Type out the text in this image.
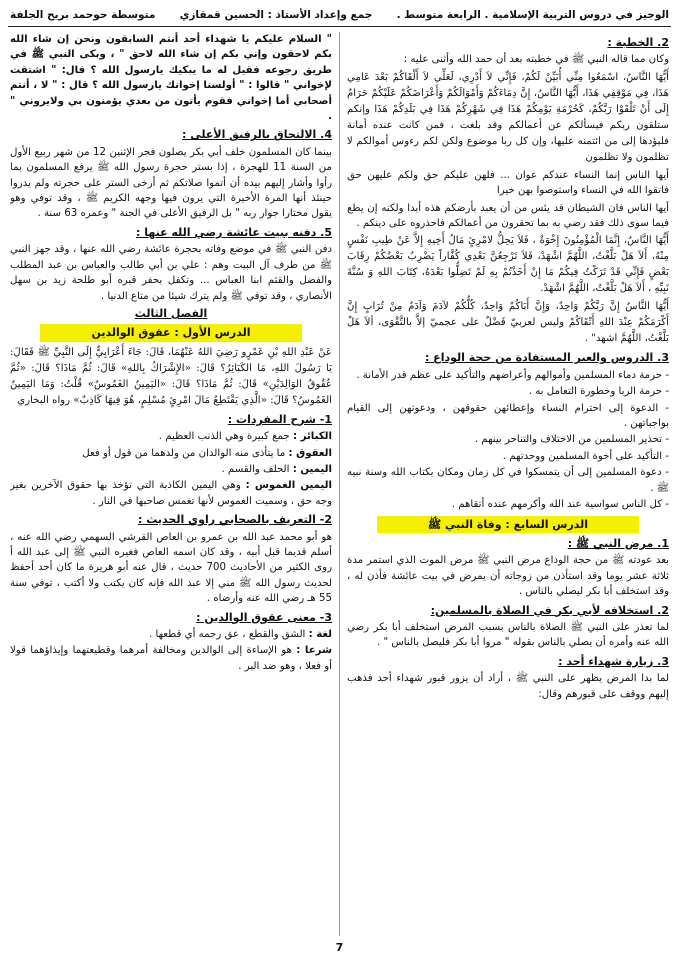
الوجيز في دروس التربية الإسلامية . الرابعة متوسط .
جمع وإعداد الأستاذ : الحسين قمقازي
متوسطة حوحمد بريح الجلفة
2. الخطبة :

وكان مما قاله النبي ﷺ في خطبته بعد أن حمد الله وأثنى عليه :

أَيُّهَا النَّاسُ، اسْمَعُوا مِنِّي أُبَيِّنْ لَكُمْ، فَإِنِّي لاَ أَدْرِي، لَعَلِّي لاَ أَلْقَاكُمْ بَعْدَ عَامِي هَذَا، فِي مَوْقِفِي هَذَا، أَيُّهَا النَّاسُ، إِنَّ دِمَاءَكُمْ وَأَمْوَالَكُمْ وَأَعْرَاضَكُمْ عَلَيْكُمْ حَرَامٌ إِلَى أَنْ تَلْقَوْا رَبَّكُمْ، كَحُرْمَةِ يَوْمِكُمْ هَذَا فِي شَهْرِكُمْ هَذَا فِي بَلَدِكُمْ هَذَا وإنكم ستلقون ربكم فيسألكم عن أعمالكم وقد بلغت ، فمن كانت عنده أمانة فليؤدها إلى من ائتمنه عليها، وإن كل ربا موضوع ولكن لكم رءوس أموالكم لا تظلمون ولا تظلمون

أيها الناس إنما النساء عندكم عوان ... فلهن عليكم حق ولكم عليهن حق فاتقوا الله في النساء واستوصوا بهن خيرا

أيها الناس فان الشيطان قد يئس من أن يعبد بأرضكم هذه أبدا ولكنه إن يطع فيما سوى ذلك فقد رضي به بما تحقرون من أعمالكم فاحذروه على دينكم .

أَيُّهَا النَّاسُ، إِنَّمَا الْمُؤْمِنُونَ إِخْوَةٌ ، فَلاَ يَحِلُّ لامْرِئٍ مَالُ أَخِيهِ إِلاَّ عَنْ طِيبِ نَفْسٍ مِنْهُ، أَلاَ هَلْ بَلَّغْتُ، اللَّهُمَّ اشْهَدْ، فَلاَ تَرْجِعُنَّ بَعْدِي كُفَّاراً يَضْرِبُ بَعْضُكُمْ رِقَابَ بَعْضٍ فَإِنِّي قَدْ تَرَكْتُ فِيكُمْ مَا إِنْ أَخَذْتُمْ بِهِ لَمْ تَضِلُّوا بَعْدَهُ، كِتَابَ اللهِ وَ سُنَّةَ نَبِيِّهِ ، أَلاَ هَلْ بَلَّغْتُ، اللَّهُمَّ اشْهَدْ.

أَيُّهَا النَّاسُ إِنَّ رَبَّكُمْ وَاحِدٌ، وَإِنَّ أَبَاكُمْ وَاحِدٌ، كُلُّكُمْ لآدَمَ وَآدَمُ مِنْ تُرَابٍ إِنَّ أَكْرَمَكُمْ عِنْدَ اللهِ أَتْقَاكُمْ وليس لعربيّ فَضْلٌ على عجميّ إلاَّ بالتَّقْوَى، ألاَ هَلْ بَلَّغْتُ، اللَّهُمَّ اشهد" .

3. الدروس والعبر المستفادة من حجة الوداع :
- حرمة دماء المسلمين وأموالهم وأعراضهم والتأكيد على عظم قدر الأمانة .
- حرمة الربا وخطورة التعامل به .
- الدعوة إلى احترام النساء وإعطائهن حقوقهن ، ودعوتهن إلى القيام بواجباتهن .
- تحذير المسلمين من الاختلاف والتناحر بينهم .
- التأكيد على أخوة المسلمين ووحدتهم .
- دعوة المسلمين إلى أن يتمسكوا في كل زمان ومكان بكتاب الله وسنة نبيه ﷺ .
- كل الناس سواسية عند الله وأكرمهم عنده أتقاهم .
الدرس السابع : وفاة النبي ﷺ
1. مرض النبي ﷺ :

بعد عودته ﷺ من حجة الوداع مرض النبي ﷺ مرض الموت الذي استمر مدة ثلاثة عشر يوما وقد استأذن من زوجاته أن يمرض في بيت عائشة فأذن له ، وقد استخلف أبا بكر ليصلي بالناس .

2. استخلافه لأبي بكر في الصلاة بالمسلمين:

لما تعذر على النبي ﷺ الصلاة بالناس بسبب المرض استخلف أبا بكر رضي الله عنه وأمره أن يصلي بالناس بقوله " مروا أبا بكر فليصل بالناس " .

3. زيارة شهداء أحد :

لما بدا المرض يظهر على النبي ﷺ ، أراد أن يزور قبور شهداء أحد فذهب إليهم ووقف على قبورهم وقال:

" السلام عليكم يا شهداء أحد أنتم السابقون ونحن إن شاء الله بكم لاحقون وإني بكم إن شاء الله لاحق " ، وبكى النبي ﷺ في طريق رجوعه فقيل له ما يبكيك يارسول الله ؟ قال: " اشتقت لإخواني " قالوا : " أولسنا إخوانك يارسول الله ؟ قال : " لا ، أنتم أصحابي أما إخواني فقوم يأتون من بعدي يؤمنون بي ولايروني " .

4. الالتحاق بالرفيق الأعلى :

بينما كان المسلمون خلف أبي بكر يصلون فجر الإثنين 12 من شهر ربيع الأول من السنة 11 للهجرة ، إذا بستر حجرة رسول الله ﷺ يرفع المسلمون بما رأوا وأشار إليهم بيده أن أتموا صلاتكم ثم أرخى الستر على حجرته ولم يدروا حينئذ أنها المرة الأخيرة التي يرون فيها وجهه الكريم ﷺ ، وقد توفي وهو يقول مختارا جوار ربه " بل الرفيق الأعلى في الجنة " وعمره 63 سنة .

5. دفنه ببيت عائشة رضي الله عنها :

دفن النبي ﷺ في موضع وفاته بحجرة عائشة رضي الله عنها ، وقد جهز النبي ﷺ من طرف آل البيت وهم : علي بن أبي طالب والعباس بن عبد المطلب والفضل والقثم ابنا العباس ... وتكفل بحفر قبره أبو طلحة زيد بن سهل الأنصاري ، وقد توفي ﷺ ولم يترك شيئا من متاع الدنيا .

الفصل الثالث
الدرس الأول : عقوق الوالدين

عَنْ عَبْدِ اللهِ بْنِ عَمْرٍو رَضِيَ اللهُ عَنْهُمَا، قَالَ: جَاءَ أَعْرَابِيٌّ إِلَى النَّبِيِّ ﷺ فَقَالَ: يَا رَسُولَ اللهِ، مَا الكَبَائِرُ؟ قَالَ: «الإِشْرَاكُ بِاللهِ» قَالَ: ثُمَّ مَاذَا؟ قَالَ: «ثُمَّ عُقُوقُ الوَالِدَيْنِ» قَالَ: ثُمَّ مَاذَا؟ قَالَ: «اليَمِينُ الغَمُوسُ» قُلْتُ: وَمَا اليَمِينُ الغَمُوسُ؟ قَالَ: «الَّذِي يَقْتَطِعُ مَالَ امْرِئٍ مُسْلِمٍ، هُوَ فِيهَا كَاذِبٌ» رواه البخاري

1- شرح المفردات :
الكبائر : جمع كبيرة وهي الذنب العظيم .
العقوق : ما يتأذى منه الوالدان من ولدهما من قول أو فعل
اليمين : الحلف والقسم .
اليمين الغموس : وهي اليمين الكاذبة التي تؤخذ بها حقوق الآخرين بغير وجه حق ، وسميت الغموس لأنها تغمس صاحبها في النار .
2- التعريف بالصحابي راوي الحديث :

هو أبو محمد عبد الله بن عمرو بن العاص القرشي السهمي رضي الله عنه ، أسلم قديما قبل أبيه ، وقد كان اسمه العاص فغيره النبي ﷺ إلى عبد الله أ روى الكثير من الأحاديث 700 حديث ، قال عنه أبو هريرة ما كان أحد أحفظ لحديث رسول الله ﷺ مني إلا عبد الله فإنه كان يكتب ولا أكتب ، توفي سنة 55 هـ رضي الله عنه وأرضاه .

3- معنى عقوق الوالدين :
لغة : الشق والقطع ، عق رحمه أي قطعها .
شرعا : هو الإساءة إلى الوالدين ومخالفة أمرهما وقطيعتهما وإيذاؤهما قولا أو فعلا ، وهو ضد البر .
7
